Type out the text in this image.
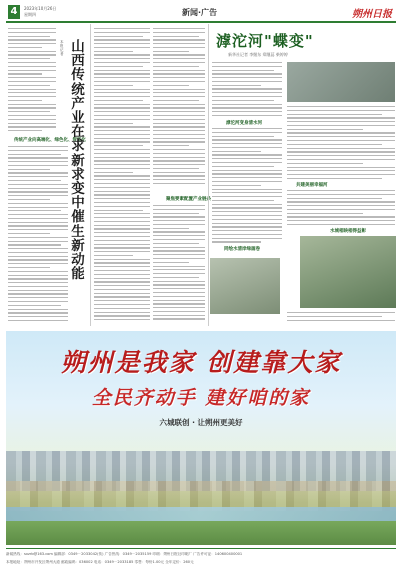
4	2023年10月26日
星期四	新闻·广告	朔州日报
传统产业向高端化、绿色化、智能化
本报记者 山西传统产业在求新求变中催生新动能
聚焦要素配置产业链条
滹沱河"蝶变"
新华社记者 李继东 郑继蕊 柴婷婷
滹沱河变身清水河
同绘水清岸绿画卷
共建美丽幸福河
水城相映相得益彰
朔州是我家 创建靠大家
全民齐动手 建好咱的家
六城联创 · 让朔州更美好
新闻热线：sxzrb@163.com 编辑部：0349－2033042(传) 广告热线：0349－2035159 印刷：朔州日报社印刷厂 广告许可证：140600400001
本报地址：朔州市开发区朔州大道 邮政编码：036002 电话：0349－2033185 零售：每份1.00元 全年定价：260元
